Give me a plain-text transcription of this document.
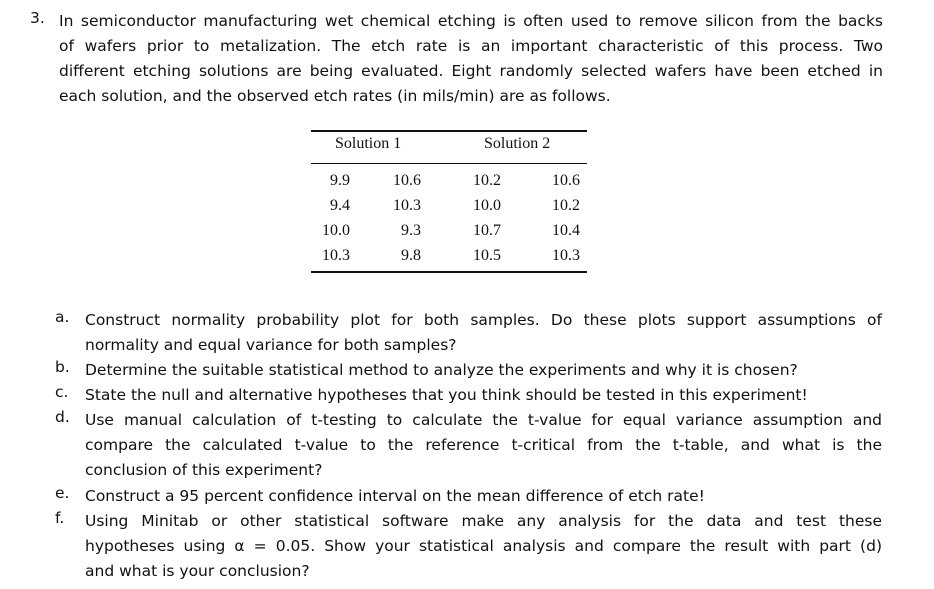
3. In semiconductor manufacturing wet chemical etching is often used to remove silicon from the backs
of wafers prior to metalization. The etch rate is an important characteristic of this process. Two
different etching solutions are being evaluated. Eight randomly selected wafers have been etched in
each solution, and the observed etch rates (in mils/min) are as follows.
Solution 1	Solution 2
9.9	10.6	10.2	10.6
9.4	10.3	10.0	10.2
10.0	9.3	10.7	10.4
10.3	9.8	10.5	10.3
a. Construct normality probability plot for both samples. Do these plots support assumptions of
normality and equal variance for both samples?
b. Determine the suitable statistical method to analyze the experiments and why it is chosen?
c. State the null and alternative hypotheses that you think should be tested in this experiment!
d. Use manual calculation of t-testing to calculate the t-value for equal variance assumption and
compare the calculated t-value to the reference t-critical from the t-table, and what is the
conclusion of this experiment?
e. Construct a 95 percent confidence interval on the mean difference of etch rate!
f. Using Minitab or other statistical software make any analysis for the data and test these
hypotheses using α = 0.05. Show your statistical analysis and compare the result with part (d)
and what is your conclusion?
